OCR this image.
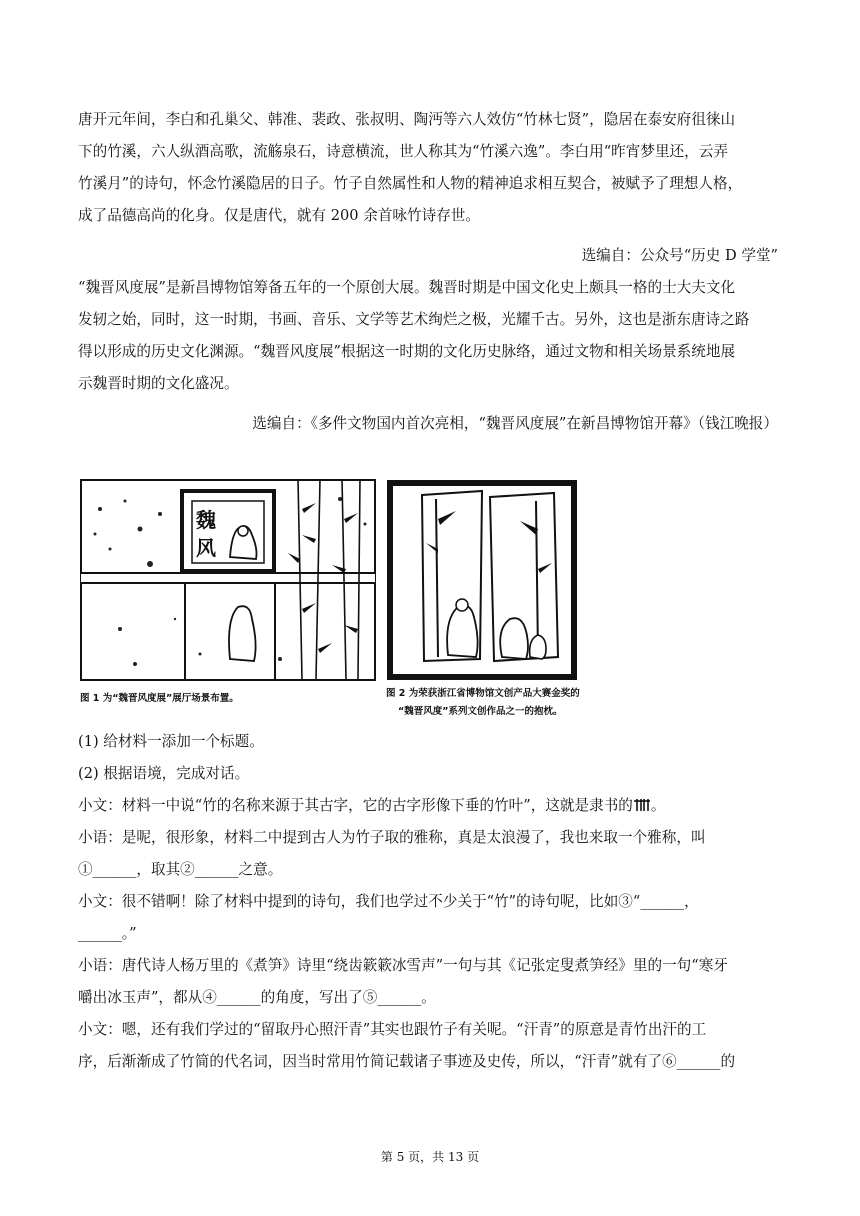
唐开元年间，李白和孔巢父、韩准、裴政、张叔明、陶沔等六人效仿“竹林七贤”，隐居在泰安府徂徕山
下的竹溪，六人纵酒高歌，流觞泉石，诗意横流，世人称其为“竹溪六逸”。李白用“昨宵梦里还，云弄
竹溪月”的诗句，怀念竹溪隐居的日子。竹子自然属性和人物的精神追求相互契合，被赋予了理想人格，
成了品德高尚的化身。仅是唐代，就有 200 余首咏竹诗存世。
选编自：公众号“历史 D 学堂”
“魏晋风度展”是新昌博物馆筹备五年的一个原创大展。魏晋时期是中国文化史上颇具一格的士大夫文化
发轫之始，同时，这一时期，书画、音乐、文学等艺术绚烂之极，光耀千古。另外，这也是浙东唐诗之路
得以形成的历史文化渊源。“魏晋风度展”根据这一时期的文化历史脉络，通过文物和相关场景系统地展
示魏晋时期的文化盛况。
选编自：《多件文物国内首次亮相，“魏晋风度展”在新昌博物馆开幕》（钱江晚报）
魏
风
图 1 为“魏晋风度展”展厅场景布置。	图 2 为荣获浙江省博物馆文创产品大赛金奖的
“魏晋风度”系列文创作品之一的抱枕。
(1) 给材料一添加一个标题。
(2) 根据语境，完成对话。
小文：材料一中说“竹的名称来源于其古字，它的古字形像下垂的竹叶”，这就是隶书的 。
小语：是呢，很形象，材料二中提到古人为竹子取的雅称，真是太浪漫了，我也来取一个雅称，叫
①______，取其②______之意。
小文：很不错啊！除了材料中提到的诗句，我们也学过不少关于“竹”的诗句呢，比如③“______，
______。”
小语：唐代诗人杨万里的《煮笋》诗里“绕齿簌簌冰雪声”一句与其《记张定叟煮笋经》里的一句“寒牙
嚼出冰玉声”，都从④______的角度，写出了⑤______。
小文：嗯，还有我们学过的“留取丹心照汗青”其实也跟竹子有关呢。“汗青”的原意是青竹出汗的工
序，后渐渐成了竹简的代名词，因当时常用竹简记载诸子事迹及史传，所以，“汗青”就有了⑥______的
第 5 页，共 13 页
